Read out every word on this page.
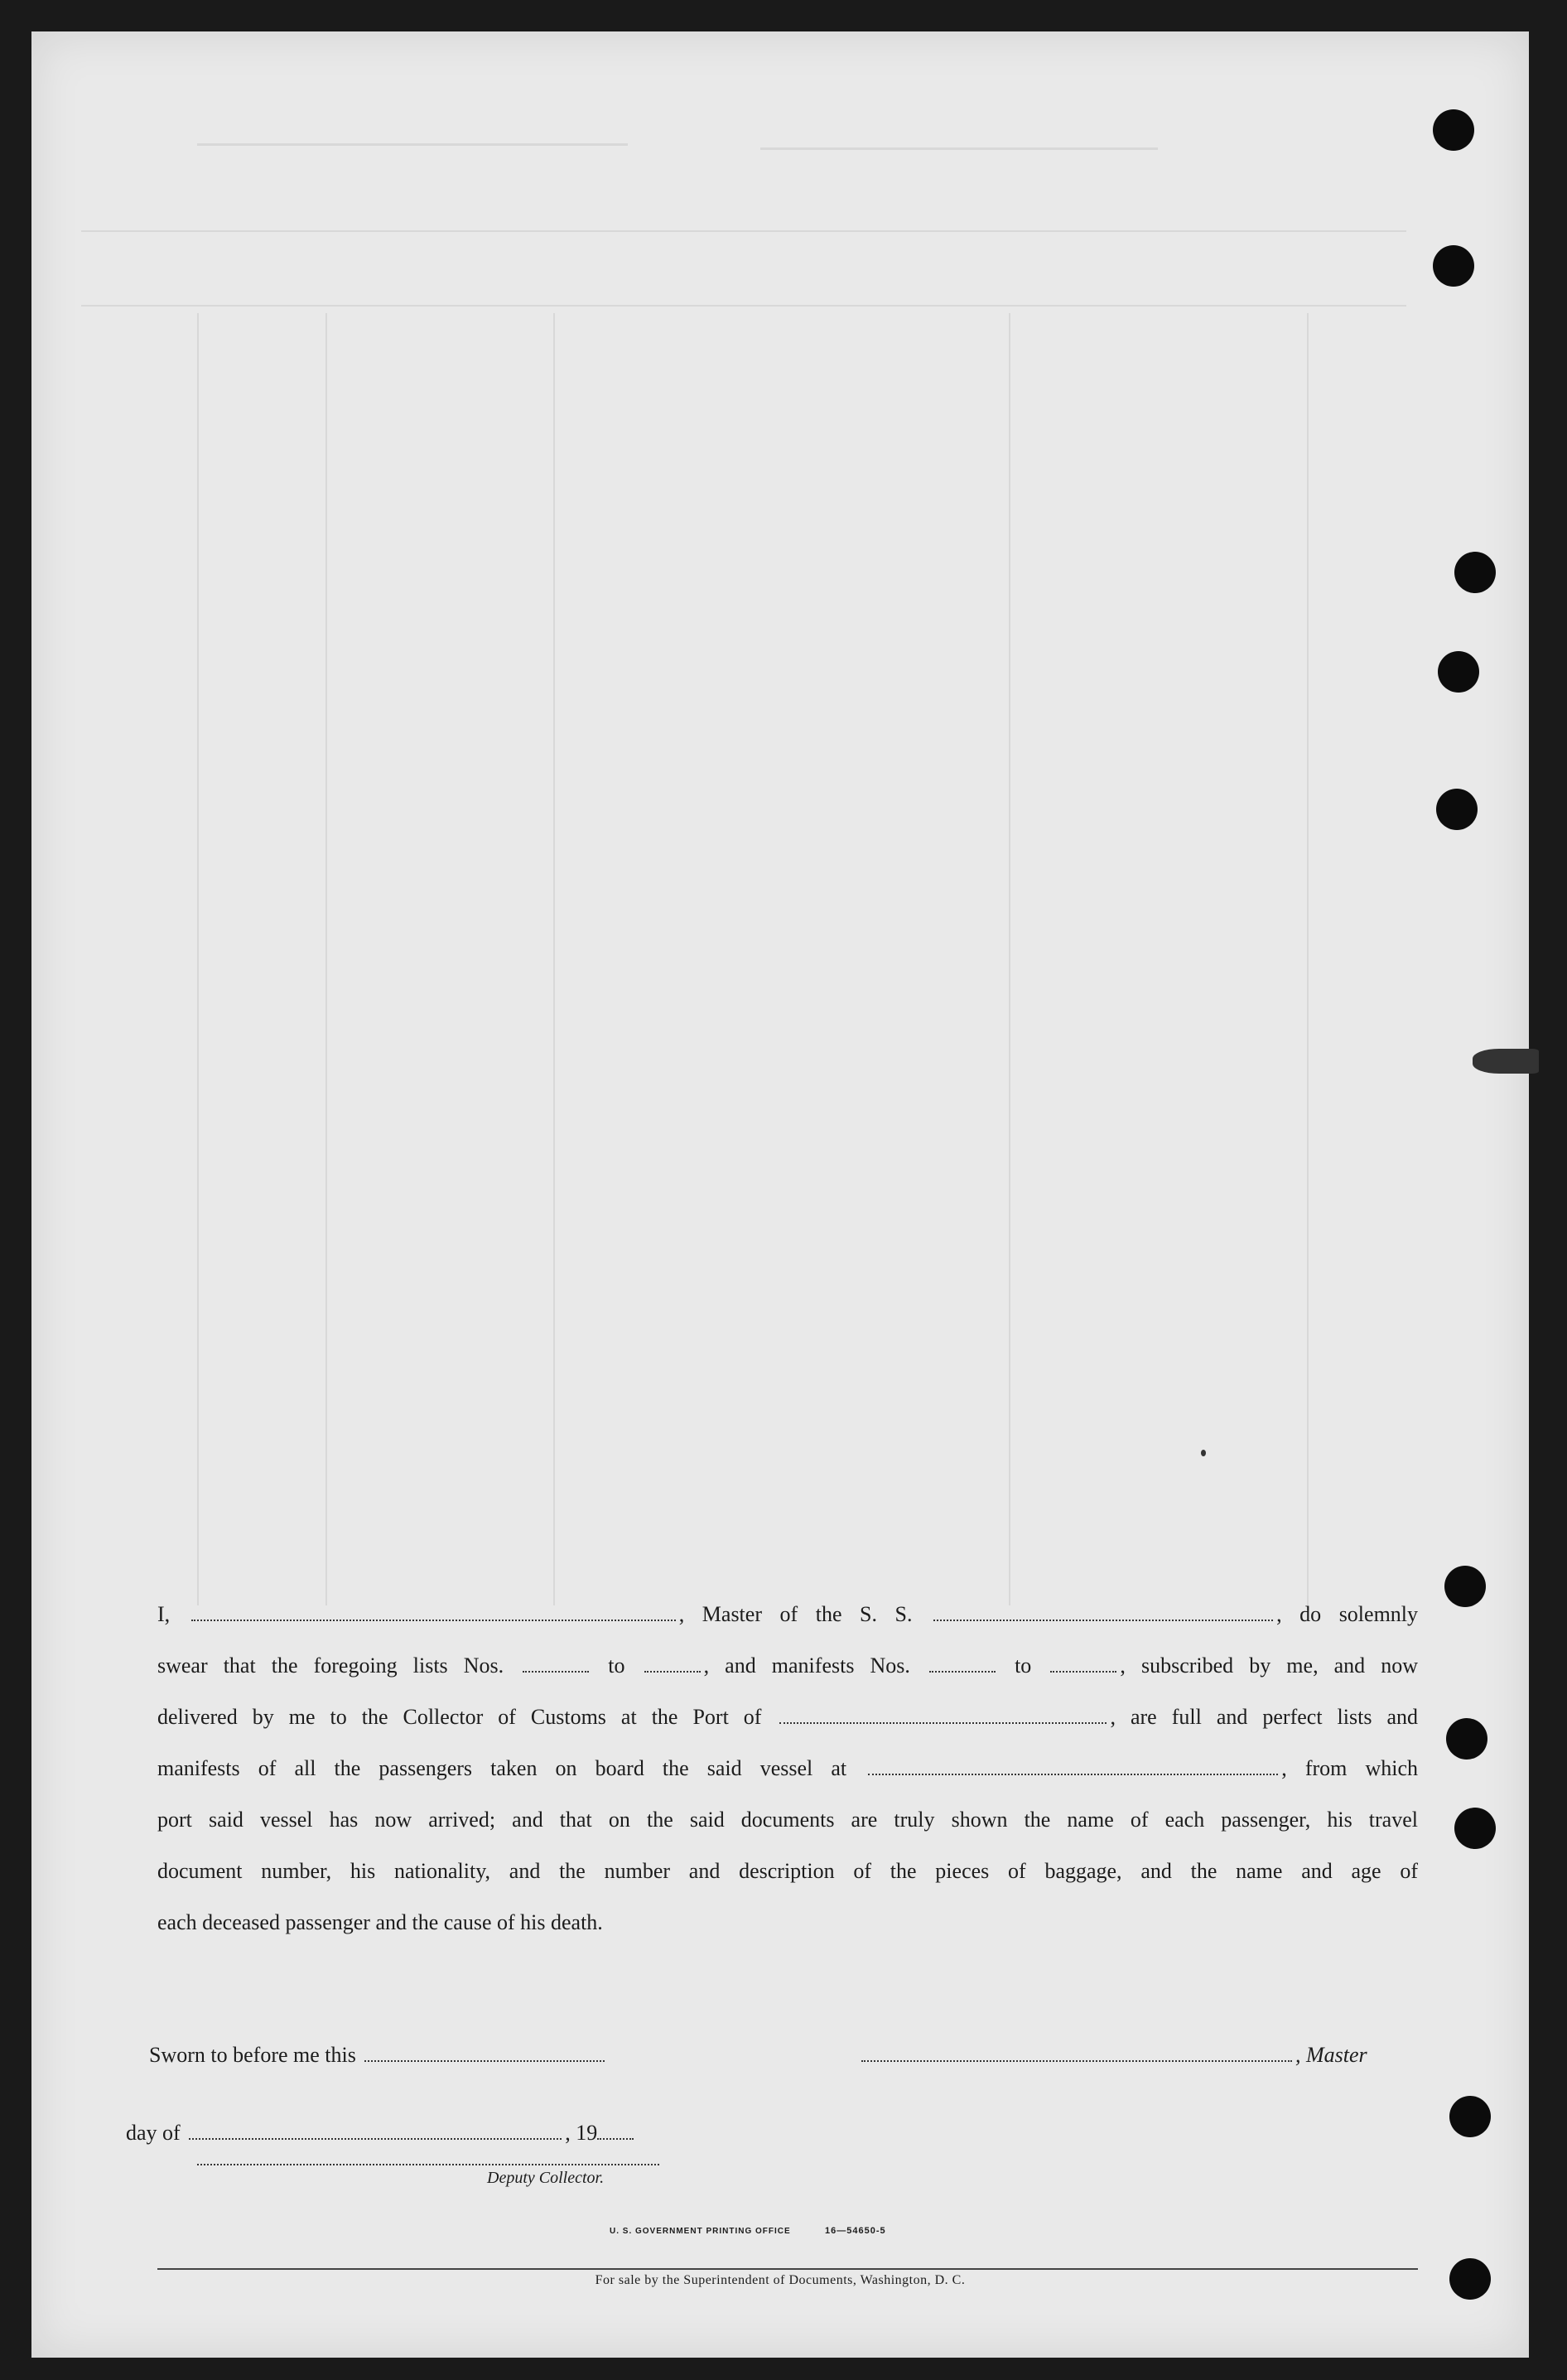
I,	, Master of the S. S.	, do solemnly

swear that the foregoing lists Nos.	to	, and manifests Nos.	to	, subscribed by me, and now

delivered by me to the Collector of Customs at the Port of	, are full and perfect lists and

manifests of all the passengers taken on board the said vessel at	, from which

port said vessel has now arrived; and that on the said documents are truly shown the name of each passenger, his travel

document number, his nationality, and the number and description of the pieces of baggage, and the name and age of

each deceased passenger and the cause of his death.

Sworn to before me this	, Master
day of	, 19
Deputy Collector.
U. S. GOVERNMENT PRINTING OFFICE	16—54650-5
For sale by the Superintendent of Documents, Washington, D. C.
